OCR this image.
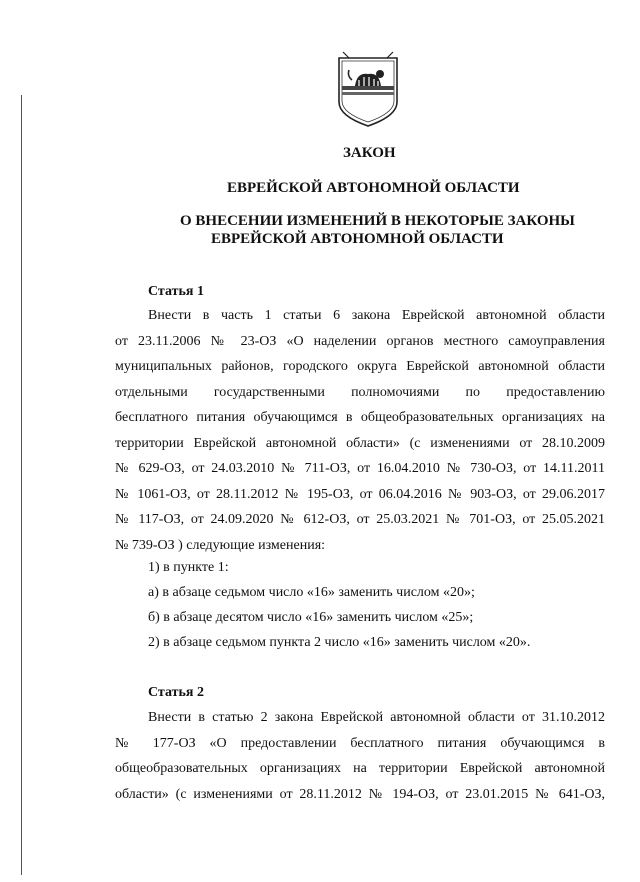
ЗАКОН
ЕВРЕЙСКОЙ АВТОНОМНОЙ ОБЛАСТИ
О ВНЕСЕНИИ ИЗМЕНЕНИЙ В НЕКОТОРЫЕ ЗАКОНЫ
ЕВРЕЙСКОЙ АВТОНОМНОЙ ОБЛАСТИ
Статья 1
Внести в часть 1 статьи 6 закона Еврейской автономной области
от 23.11.2006 № 23-ОЗ «О наделении органов местного самоуправления
муниципальных районов, городского округа Еврейской автономной области
отдельными государственными полномочиями по предоставлению
бесплатного питания обучающимся в общеобразовательных организациях на
территории Еврейской автономной области» (с изменениями от 28.10.2009
№ 629-ОЗ, от 24.03.2010 № 711-ОЗ, от 16.04.2010 № 730-ОЗ, от 14.11.2011
№ 1061-ОЗ, от 28.11.2012 № 195-ОЗ, от 06.04.2016 № 903-ОЗ, от 29.06.2017
№ 117-ОЗ, от 24.09.2020 № 612-ОЗ, от 25.03.2021 № 701-ОЗ, от 25.05.2021
№ 739-ОЗ ) следующие изменения:
1) в пункте 1:
а) в абзаце седьмом число «16» заменить числом «20»;
б) в абзаце десятом число «16» заменить числом «25»;
2) в абзаце седьмом пункта 2 число «16» заменить числом «20».
Статья 2
Внести в статью 2 закона Еврейской автономной области от 31.10.2012
№ 177-ОЗ «О предоставлении бесплатного питания обучающимся в
общеобразовательных организациях на территории Еврейской автономной
области» (с изменениями от 28.11.2012 № 194-ОЗ, от 23.01.2015 № 641-ОЗ,
